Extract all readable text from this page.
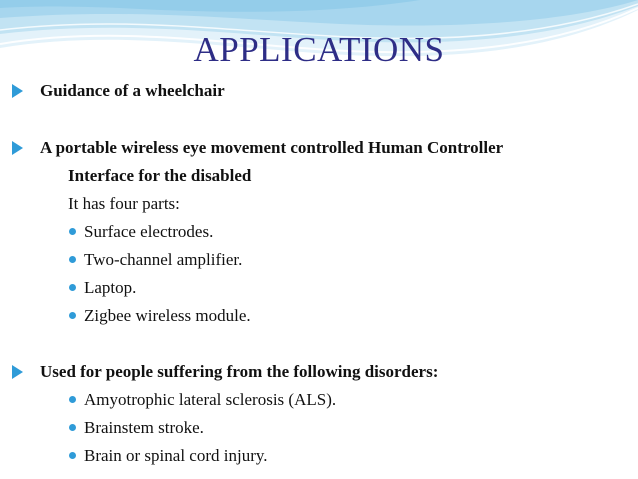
APPLICATIONS
Guidance of a wheelchair
A portable wireless eye movement controlled Human Controller
Interface for the disabled
It has four parts:
Surface electrodes.
Two-channel amplifier.
Laptop.
Zigbee wireless module.
Used for people suffering from the following disorders:
Amyotrophic lateral sclerosis (ALS).
Brainstem stroke.
Brain or spinal cord injury.
